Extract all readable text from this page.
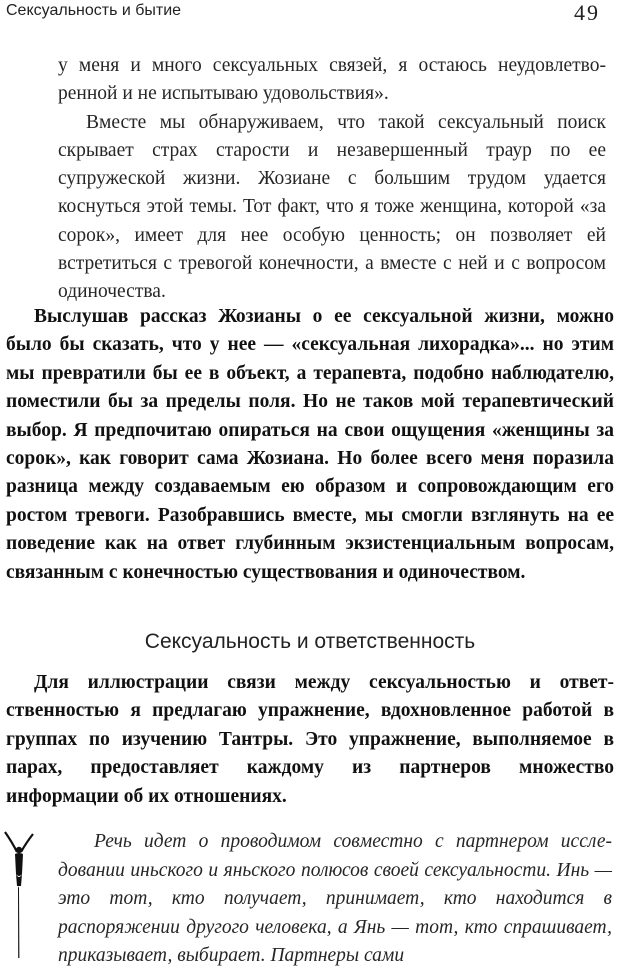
Сексуальность и бытие	49

у меня и много сексуальных связей, я остаюсь неудовлетворенной и не испытываю удовольствия».

Вместе мы обнаруживаем, что такой сексуальный поиск скрывает страх старости и незавершенный траур по ее супружеской жизни. Жозиане с большим трудом удается коснуться этой темы. Тот факт, что я тоже женщина, которой «за сорок», имеет для нее особую ценность; он позволяет ей встретиться с тревогой конечности, а вместе с ней и с вопросом одиночества.

Выслушав рассказ Жозианы о ее сексуальной жизни, можно было бы сказать, что у нее — «сексуальная лихорадка»... но этим мы превратили бы ее в объект, а терапевта, подобно наблюдателю, поместили бы за пределы поля. Но не таков мой терапевтический выбор. Я предпочитаю опираться на свои ощущения «женщины за сорок», как говорит сама Жозиана. Но более всего меня поразила разница между создаваемым ею образом и сопровождающим его ростом тревоги. Разобравшись вместе, мы смогли взглянуть на ее поведение как на ответ глубинным экзистенциальным вопросам, связанным с конечностью существования и одиночеством.

Сексуальность и ответственность

Для иллюстрации связи между сексуальностью и ответственностью я предлагаю упражнение, вдохновленное работой в группах по изучению Тантры. Это упражнение, выполняемое в парах, предоставляет каждому из партнеров множество информации об их отношениях.

Речь идет о проводимом совместно с партнером исследовании иньского и яньского полюсов своей сексуальности. Инь — это тот, кто получает, принимает, кто находится в распоряжении другого человека, а Янь — тот, кто спрашивает, приказывает, выбирает. Партнеры сами
